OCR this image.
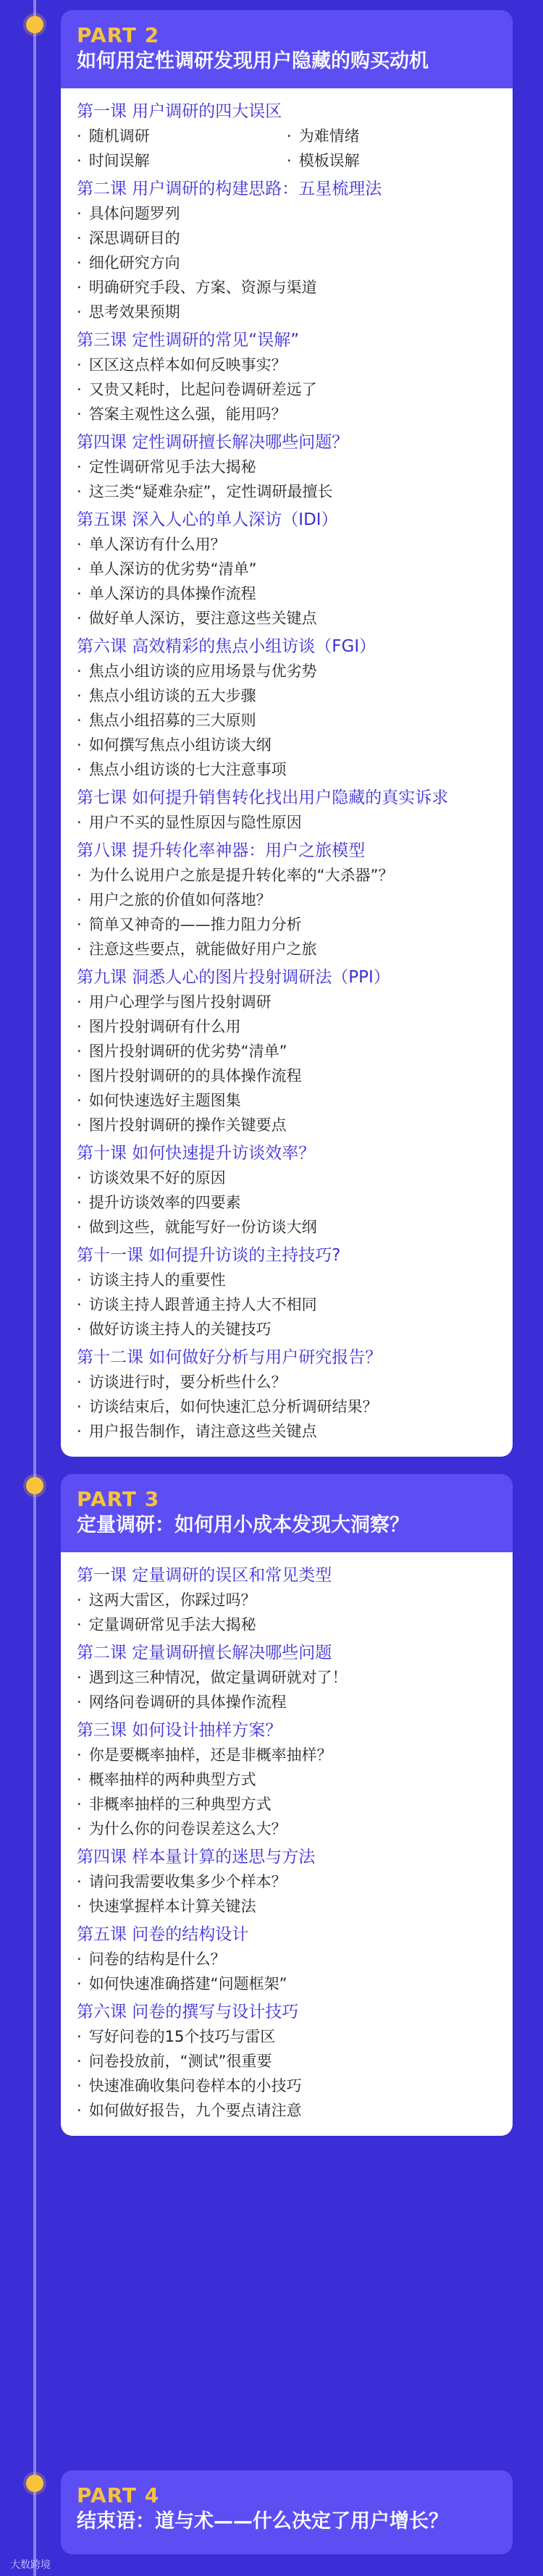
PART 2
如何用定性调研发现用户隐藏的购买动机
第一课 用户调研的四大误区
· 随机调研	· 为难情绪
· 时间误解	· 模板误解
第二课 用户调研的构建思路：五星梳理法
· 具体问题罗列
· 深思调研目的
· 细化研究方向
· 明确研究手段、方案、资源与渠道
· 思考效果预期
第三课 定性调研的常见“误解”
· 区区这点样本如何反映事实？
· 又贵又耗时，比起问卷调研差远了
· 答案主观性这么强，能用吗？
第四课 定性调研擅长解决哪些问题？
· 定性调研常见手法大揭秘
· 这三类“疑难杂症”，定性调研最擅长
第五课 深入人心的单人深访（IDI）
· 单人深访有什么用？
· 单人深访的优劣势“清单”
· 单人深访的具体操作流程
· 做好单人深访，要注意这些关键点
第六课 高效精彩的焦点小组访谈（FGI）
· 焦点小组访谈的应用场景与优劣势
· 焦点小组访谈的五大步骤
· 焦点小组招募的三大原则
· 如何撰写焦点小组访谈大纲
· 焦点小组访谈的七大注意事项
第七课 如何提升销售转化找出用户隐藏的真实诉求
· 用户不买的显性原因与隐性原因
第八课 提升转化率神器：用户之旅模型
· 为什么说用户之旅是提升转化率的“大杀器”？
· 用户之旅的价值如何落地？
· 简单又神奇的——推力阻力分析
· 注意这些要点，就能做好用户之旅
第九课 洞悉人心的图片投射调研法（PPI）
· 用户心理学与图片投射调研
· 图片投射调研有什么用
· 图片投射调研的优劣势“清单”
· 图片投射调研的的具体操作流程
· 如何快速选好主题图集
· 图片投射调研的操作关键要点
第十课 如何快速提升访谈效率？
· 访谈效果不好的原因
· 提升访谈效率的四要素
· 做到这些，就能写好一份访谈大纲
第十一课 如何提升访谈的主持技巧?
· 访谈主持人的重要性
· 访谈主持人跟普通主持人大不相同
· 做好访谈主持人的关键技巧
第十二课 如何做好分析与用户研究报告？
· 访谈进行时，要分析些什么？
· 访谈结束后，如何快速汇总分析调研结果？
· 用户报告制作，请注意这些关键点
PART 3
定量调研：如何用小成本发现大洞察？
第一课 定量调研的误区和常见类型
· 这两大雷区，你踩过吗？
· 定量调研常见手法大揭秘
第二课 定量调研擅长解决哪些问题
· 遇到这三种情况，做定量调研就对了！
· 网络问卷调研的具体操作流程
第三课 如何设计抽样方案？
· 你是要概率抽样，还是非概率抽样？
· 概率抽样的两种典型方式
· 非概率抽样的三种典型方式
· 为什么你的问卷误差这么大？
第四课 样本量计算的迷思与方法
· 请问我需要收集多少个样本？
· 快速掌握样本计算关键法
第五课 问卷的结构设计
· 问卷的结构是什么？
· 如何快速准确搭建“问题框架”
第六课 问卷的撰写与设计技巧
· 写好问卷的15个技巧与雷区
· 问卷投放前，“测试”很重要
· 快速准确收集问卷样本的小技巧
· 如何做好报告，九个要点请注意
PART 4
结束语：道与术——什么决定了用户增长？
大数跨境
